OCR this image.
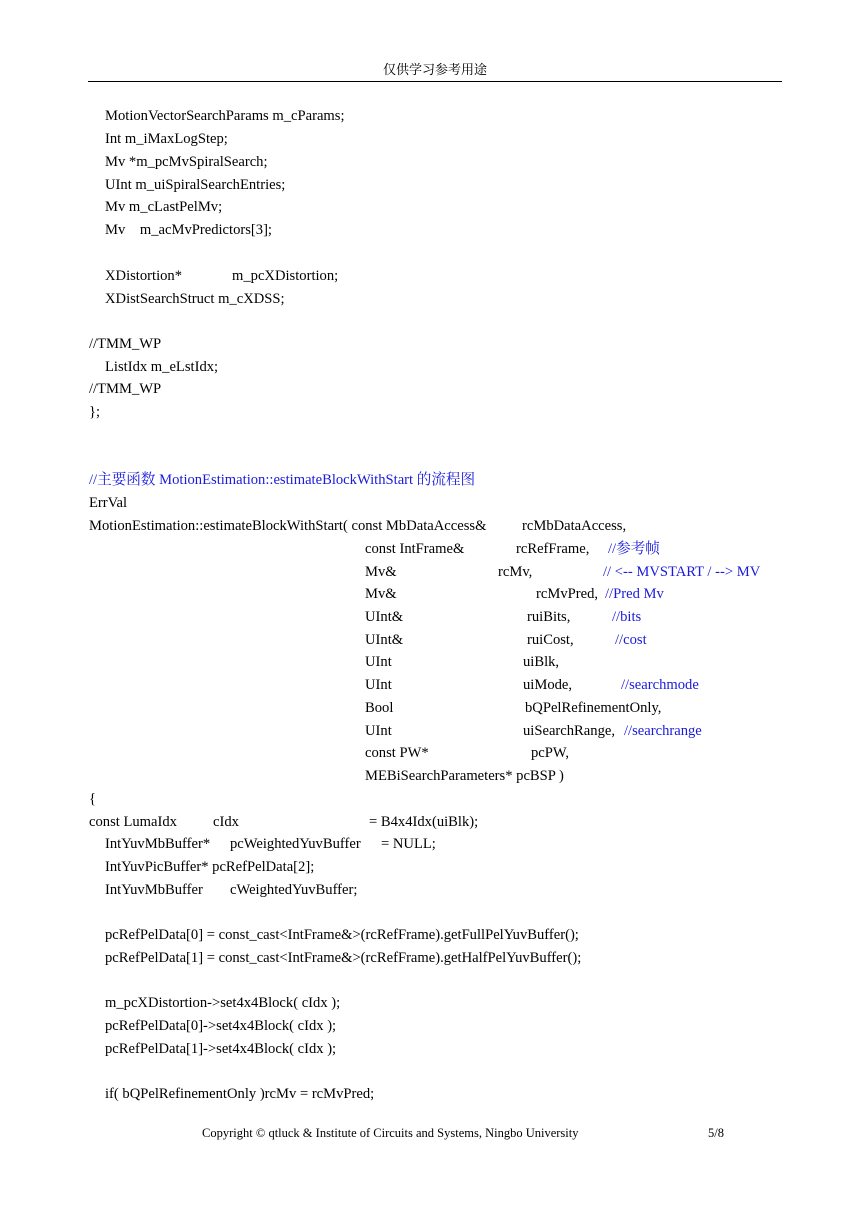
仅供学习参考用途
MotionVectorSearchParams m_cParams;
Int m_iMaxLogStep;
Mv *m_pcMvSpiralSearch;
UInt m_uiSpiralSearchEntries;
Mv m_cLastPelMv;
Mv    m_acMvPredictors[3];
XDistortion*	m_pcXDistortion;
XDistSearchStruct m_cXDSS;
//TMM_WP
ListIdx m_eLstIdx;
//TMM_WP
};
//主要函数 MotionEstimation::estimateBlockWithStart 的流程图
ErrVal
MotionEstimation::estimateBlockWithStart( const MbDataAccess& rcMbDataAccess,
const IntFrame&	rcRefFrame, //参考帧
Mv&	rcMv,	// <-- MVSTART / --> MV
Mv&	rcMvPred, //Pred Mv
UInt&	ruiBits,	//bits
UInt&	ruiCost,	//cost
UInt	uiBlk,
UInt	uiMode,	//searchmode
Bool	bQPelRefinementOnly,
UInt	uiSearchRange, //searchrange
const PW*	pcPW,
MEBiSearchParameters* pcBSP )
{
const LumaIdx cIdx	= B4x4Idx(uiBlk);
IntYuvMbBuffer* pcWeightedYuvBuffer = NULL;
IntYuvPicBuffer* pcRefPelData[2];
IntYuvMbBuffer cWeightedYuvBuffer;
pcRefPelData[0] = const_cast<IntFrame&>(rcRefFrame).getFullPelYuvBuffer();
pcRefPelData[1] = const_cast<IntFrame&>(rcRefFrame).getHalfPelYuvBuffer();
m_pcXDistortion->set4x4Block( cIdx );
pcRefPelData[0]->set4x4Block( cIdx );
pcRefPelData[1]->set4x4Block( cIdx );
if( bQPelRefinementOnly )rcMv = rcMvPred;
Copyright © qtluck & Institute of Circuits and Systems, Ningbo University	5/8
